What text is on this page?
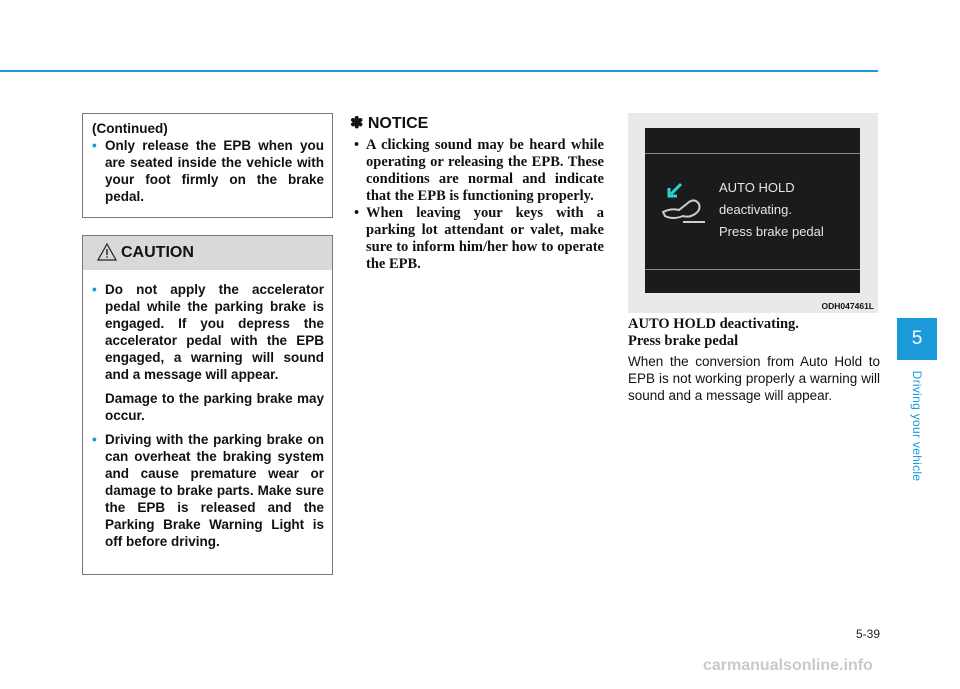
(Continued)
• Only release the EPB when you are seated inside the vehicle with your foot firmly on the brake pedal.
CAUTION
• Do not apply the accelerator pedal while the parking brake is engaged. If you depress the accelerator pedal with the EPB engaged, a warning will sound and a message will appear.
Damage to the parking brake may occur.
• Driving with the parking brake on can overheat the braking system and cause premature wear or damage to brake parts. Make sure the EPB is released and the Parking Brake Warning Light is off before driving.
✽ NOTICE
• A clicking sound may be heard while operating or releasing the EPB. These conditions are normal and indicate that the EPB is functioning properly.
• When leaving your keys with a parking lot attendant or valet, make sure to inform him/her how to operate the EPB.
AUTO HOLD
deactivating.
Press brake pedal
ODH047461L
AUTO HOLD deactivating.
Press brake pedal
When the conversion from Auto Hold to EPB is not working properly a warning will sound and a message will appear.
5
Driving your vehicle
5-39
carmanualsonline.info
